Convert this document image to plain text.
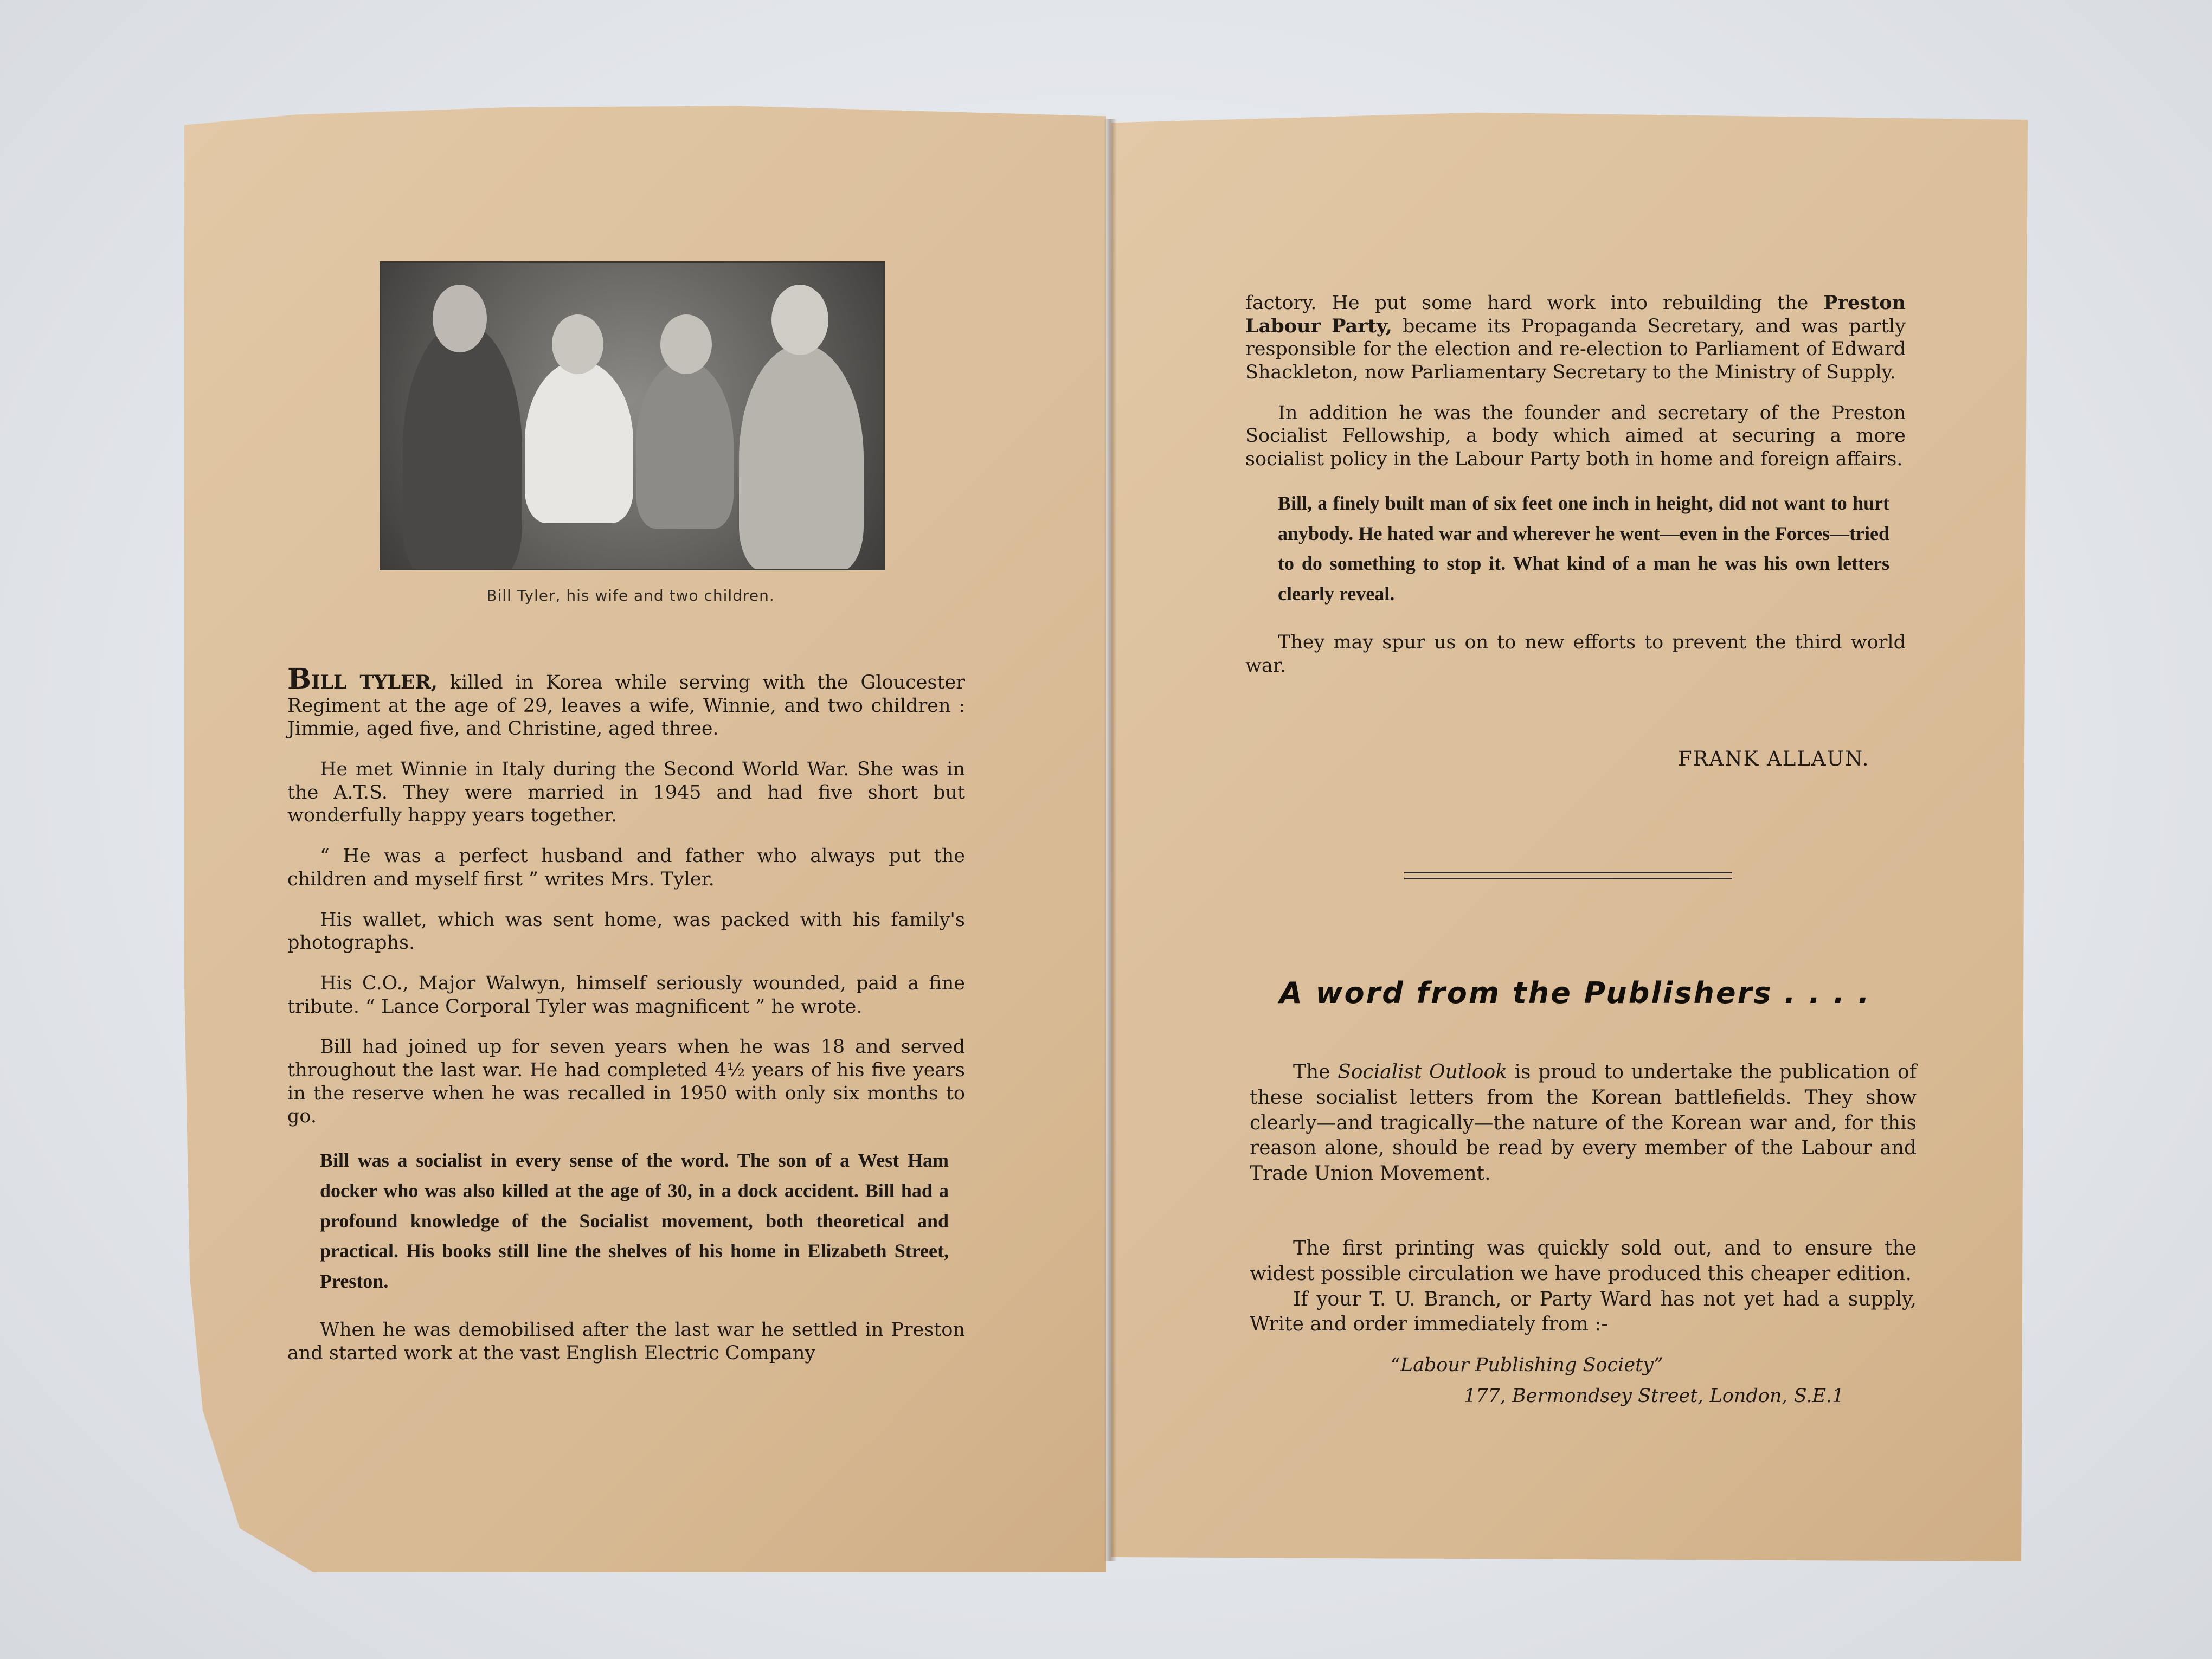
Bill Tyler, his wife and two children.

BILL TYLER, killed in Korea while serving with the Gloucester Regiment at the age of 29, leaves a wife, Winnie, and two children : Jimmie, aged five, and Christine, aged three.

He met Winnie in Italy during the Second World War. She was in the A.T.S. They were married in 1945 and had five short but wonderfully happy years together.

“ He was a perfect husband and father who always put the children and myself first ” writes Mrs. Tyler.

His wallet, which was sent home, was packed with his family's photographs.

His C.O., Major Walwyn, himself seriously wounded, paid a fine tribute. “ Lance Corporal Tyler was magnificent ” he wrote.

Bill had joined up for seven years when he was 18 and served throughout the last war. He had completed 4½ years of his five years in the reserve when he was recalled in 1950 with only six months to go.

Bill was a socialist in every sense of the word. The son of a West Ham docker who was also killed at the age of 30, in a dock accident. Bill had a profound knowledge of the Socialist movement, both theoretical and practical. His books still line the shelves of his home in Elizabeth Street, Preston.

When he was demobilised after the last war he settled in Preston and started work at the vast English Electric Company

factory. He put some hard work into rebuilding the Preston Labour Party, became its Propaganda Secretary, and was partly responsible for the election and re-election to Parliament of Edward Shackleton, now Parliamentary Secretary to the Ministry of Supply.

In addition he was the founder and secretary of the Preston Socialist Fellowship, a body which aimed at securing a more socialist policy in the Labour Party both in home and foreign affairs.

Bill, a finely built man of six feet one inch in height, did not want to hurt anybody. He hated war and wherever he went—even in the Forces—tried to do something to stop it. What kind of a man he was his own letters clearly reveal.

They may spur us on to new efforts to prevent the third world war.

FRANK ALLAUN.
A word from the Publishers . . . .

The Socialist Outlook is proud to undertake the publication of these socialist letters from the Korean battlefields. They show clearly—and tragically—the nature of the Korean war and, for this reason alone, should be read by every member of the Labour and Trade Union Movement.

The first printing was quickly sold out, and to ensure the widest possible circulation we have produced this cheaper edition.

If your T. U. Branch, or Party Ward has not yet had a supply, Write and order immediately from :-

“Labour Publishing Society”
177, Bermondsey Street, London, S.E.1
